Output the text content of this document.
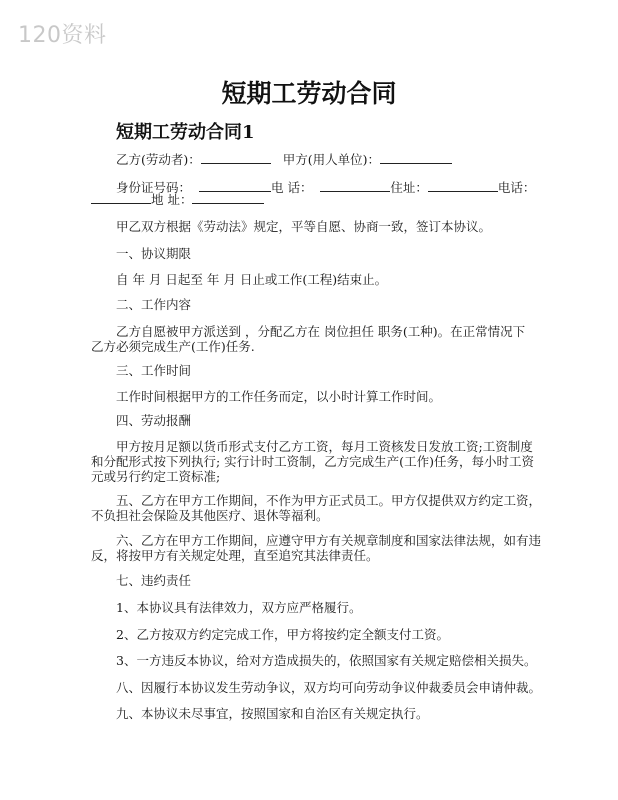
120资料
短期工劳动合同
短期工劳动合同1
乙方(劳动者)：	甲方(用人单位)：
身份证号码：	电 话：	住址：	电话：
地 址：
甲乙双方根据《劳动法》规定，平等自愿、协商一致，签订本协议。
一、协议期限
自 年 月 日起至 年 月 日止或工作(工程)结束止。
二、工作内容
乙方自愿被甲方派送到 ，分配乙方在 岗位担任 职务(工种)。在正常情况下
乙方必须完成生产(工作)任务.
三、工作时间
工作时间根据甲方的工作任务而定，以小时计算工作时间。
四、劳动报酬
甲方按月足额以货币形式支付乙方工资，每月工资核发日发放工资;工资制度
和分配形式按下列执行; 实行计时工资制，乙方完成生产(工作)任务，每小时工资
元或另行约定工资标准;
五、乙方在甲方工作期间，不作为甲方正式员工。甲方仅提供双方约定工资，
不负担社会保险及其他医疗、退休等福利。
六、乙方在甲方工作期间，应遵守甲方有关规章制度和国家法律法规，如有违
反，将按甲方有关规定处理，直至追究其法律责任。
七、违约责任
1、本协议具有法律效力，双方应严格履行。
2、乙方按双方约定完成工作，甲方将按约定全额支付工资。
3、一方违反本协议，给对方造成损失的，依照国家有关规定赔偿相关损失。
八、因履行本协议发生劳动争议，双方均可向劳动争议仲裁委员会申请仲裁。
九、本协议未尽事宜，按照国家和自治区有关规定执行。
